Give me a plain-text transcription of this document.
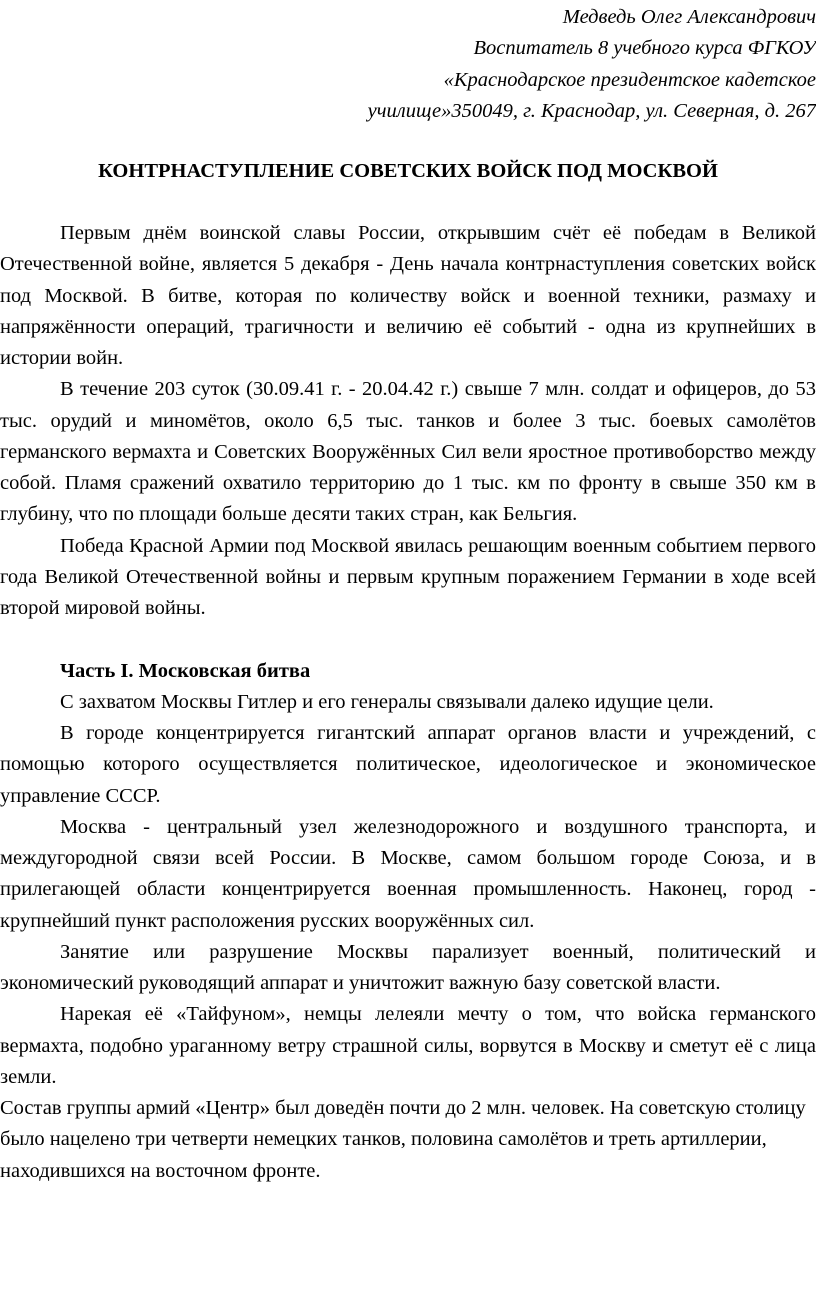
Медведь Олег Александрович
Воспитатель 8 учебного курса ФГКОУ
«Краснодарское президентское кадетское
училище»350049, г. Краснодар, ул. Северная, д. 267
КОНТРНАСТУПЛЕНИЕ СОВЕТСКИХ ВОЙСК ПОД МОСКВОЙ

Первым днём воинской славы России, открывшим счёт её победам в Великой Отечественной войне, является 5 декабря - День начала контрнаступления советских войск под Москвой. В битве, которая по количеству войск и военной техники, размаху и напряжённости операций, трагичности и величию её событий - одна из крупнейших в истории войн.

В течение 203 суток (30.09.41 г. - 20.04.42 г.) свыше 7 млн. солдат и офицеров, до 53 тыс. орудий и миномётов, около 6,5 тыс. танков и более 3 тыс. боевых самолётов германского вермахта и Советских Вооружённых Сил вели яростное противоборство между собой. Пламя сражений охватило территорию до 1 тыс. км по фронту в свыше 350 км в глубину, что по площади больше десяти таких стран, как Бельгия.

Победа Красной Армии под Москвой явилась решающим военным событием первого года Великой Отечественной войны и первым крупным поражением Германии в ходе всей второй мировой войны.

Часть I. Московская битва

С захватом Москвы Гитлер и его генералы связывали далеко идущие цели.

В городе концентрируется гигантский аппарат органов власти и учреждений, с помощью которого осуществляется политическое, идеологическое и экономическое управление СССР.

Москва - центральный узел железнодорожного и воздушного транспорта, и междугородной связи всей России. В Москве, самом большом городе Союза, и в прилегающей области концентрируется военная промышленность. Наконец, город - крупнейший пункт расположения русских вооружённых сил.

Занятие или разрушение Москвы парализует военный, политический и экономический руководящий аппарат и уничтожит важную базу советской власти.

Нарекая её «Тайфуном», немцы лелеяли мечту о том, что войска германского вермахта, подобно ураганному ветру страшной силы, ворвутся в Москву и сметут её с лица земли.

Состав группы армий «Центр» был доведён почти до 2 млн. человек. На советскую столицу было нацелено три четверти немецких танков, половина самолётов и треть артиллерии, находившихся на восточном фронте.
